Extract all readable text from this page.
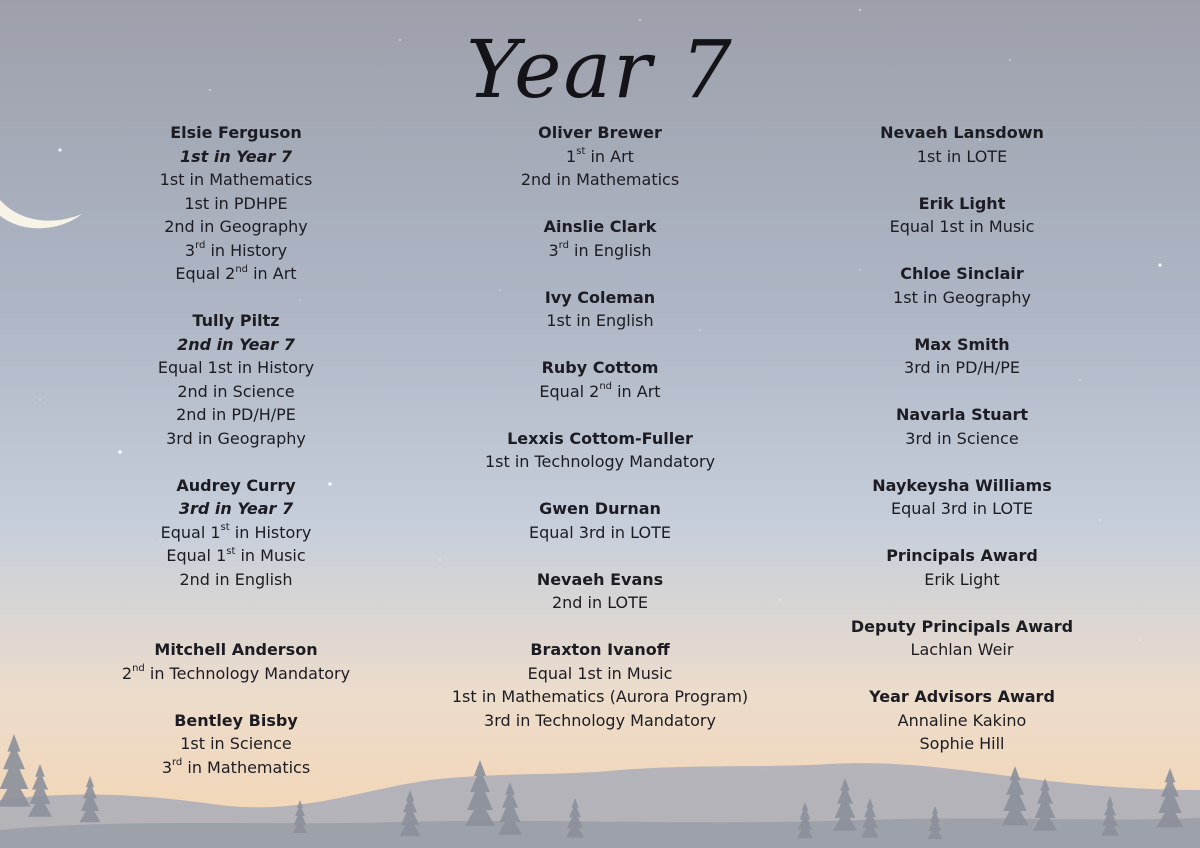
Year 7
Elsie Ferguson
1st in Year 7
1st in Mathematics
1st in PDHPE
2nd in Geography
3rd in History
Equal 2nd in Art
Tully Piltz
2nd in Year 7
Equal 1st in History
2nd in Science
2nd in PD/H/PE
3rd in Geography
Audrey Curry
3rd in Year 7
Equal 1st in History
Equal 1st in Music
2nd in English
Mitchell Anderson
2nd in Technology Mandatory
Bentley Bisby
1st in Science
3rd in Mathematics
Oliver Brewer
1st in Art
2nd in Mathematics
Ainslie Clark
3rd in English
Ivy Coleman
1st in English
Ruby Cottom
Equal 2nd in Art
Lexxis Cottom-Fuller
1st in Technology Mandatory
Gwen Durnan
Equal 3rd in LOTE
Nevaeh Evans
2nd in LOTE
Braxton Ivanoff
Equal 1st in Music
1st in Mathematics (Aurora Program)
3rd in Technology Mandatory
Nevaeh Lansdown
1st in LOTE
Erik Light
Equal 1st in Music
Chloe Sinclair
1st in Geography
Max Smith
3rd in PD/H/PE
Navarla Stuart
3rd in Science
Naykeysha Williams
Equal 3rd in LOTE
Principals Award
Erik Light
Deputy Principals Award
Lachlan Weir
Year Advisors Award
Annaline Kakino
Sophie Hill
